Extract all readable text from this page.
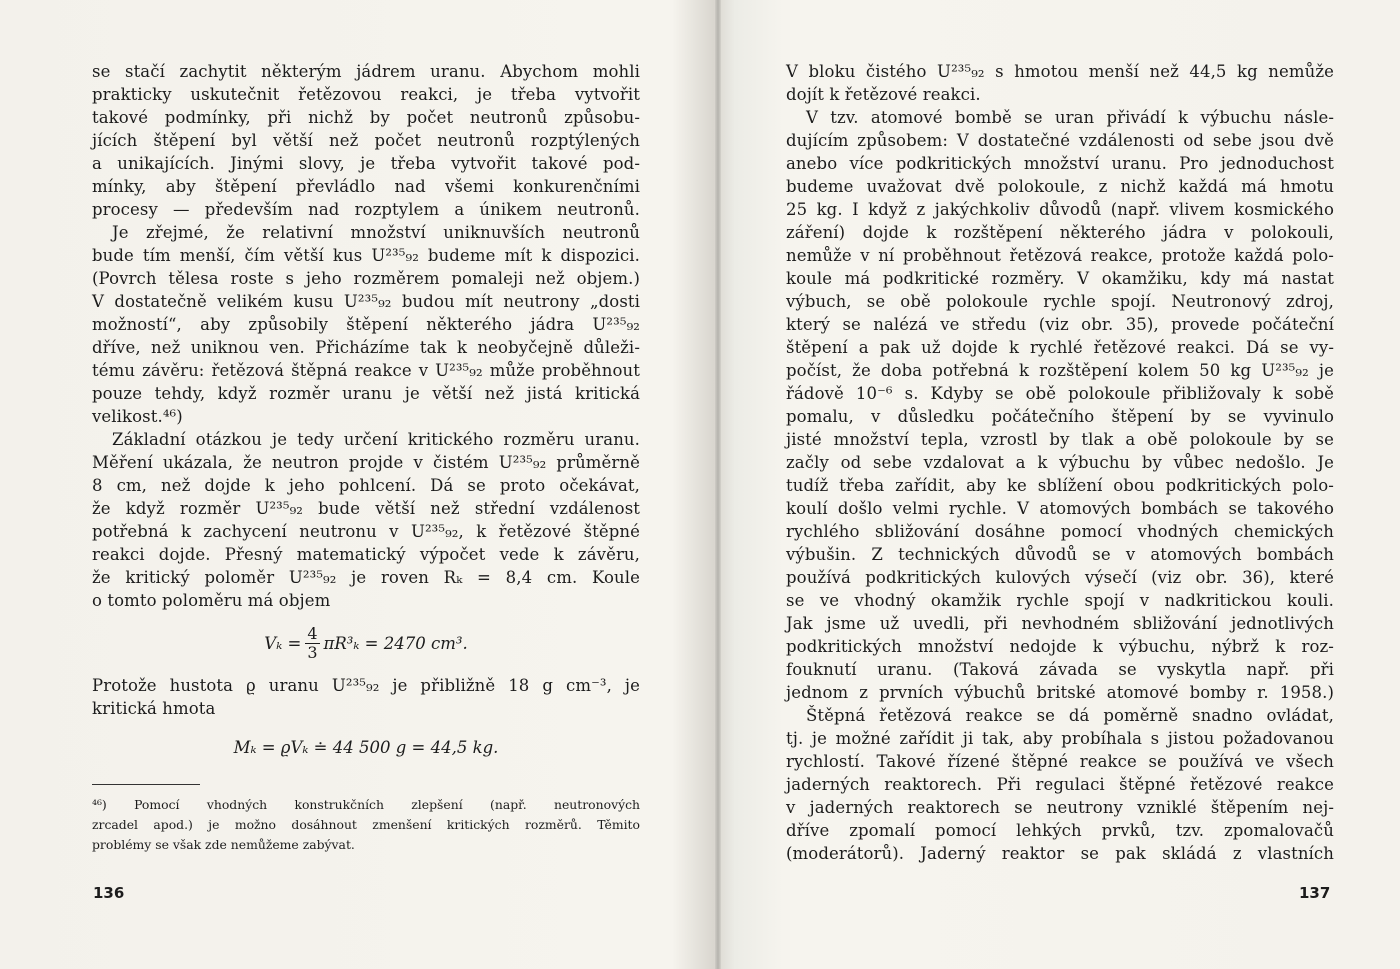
se stačí zachytit některým jádrem uranu. Abychom mohli
prakticky uskutečnit řetězovou reakci, je třeba vytvořit
takové podmínky, při nichž by počet neutronů způsobu-
jících štěpení byl větší než počet neutronů rozptýlených
a unikajících. Jinými slovy, je třeba vytvořit takové pod-
mínky, aby štěpení převládlo nad všemi konkurenčními
procesy — především nad rozptylem a únikem neutronů.
Je zřejmé, že relativní množství uniknuvších neutronů
bude tím menší, čím větší kus U²³⁵₉₂ budeme mít k dispozici.
(Povrch tělesa roste s jeho rozměrem pomaleji než objem.)
V dostatečně velikém kusu U²³⁵₉₂ budou mít neutrony „dosti
možností“, aby způsobily štěpení některého jádra U²³⁵₉₂
dříve, než uniknou ven. Přicházíme tak k neobyčejně důleži-
tému závěru: řetězová štěpná reakce v U²³⁵₉₂ může proběhnout
pouze tehdy, když rozměr uranu je větší než jistá kritická
velikost.⁴⁶)
Základní otázkou je tedy určení kritického rozměru uranu.
Měření ukázala, že neutron projde v čistém U²³⁵₉₂ průměrně
8 cm, než dojde k jeho pohlcení. Dá se proto očekávat,
že když rozměr U²³⁵₉₂ bude větší než střední vzdálenost
potřebná k zachycení neutronu v U²³⁵₉₂, k řetězové štěpné
reakci dojde. Přesný matematický výpočet vede k závěru,
že kritický poloměr U²³⁵₉₂ je roven Rₖ = 8,4 cm. Koule
o tomto poloměru má objem
$V_k = \frac{4}{3} \pi R^3_k = 2470$ cm³.
Protože hustota ϱ uranu U²³⁵₉₂ je přibližně 18 g cm⁻³, je
kritická hmota
Mₖ = ϱVₖ ≐ 44 500 g = 44,5 kg.
⁴⁶) Pomocí vhodných konstrukčních zlepšení (např. neutronových
zrcadel apod.) je možno dosáhnout zmenšení kritických rozměrů. Těmito
problémy se však zde nemůžeme zabývat.
136
V bloku čistého U²³⁵₉₂ s hmotou menší než 44,5 kg nemůže
dojít k řetězové reakci.
V tzv. atomové bombě se uran přivádí k výbuchu násle-
dujícím způsobem: V dostatečné vzdálenosti od sebe jsou dvě
anebo více podkritických množství uranu. Pro jednoduchost
budeme uvažovat dvě polokoule, z nichž každá má hmotu
25 kg. I když z jakýchkoliv důvodů (např. vlivem kosmického
záření) dojde k rozštěpení některého jádra v polokouli,
nemůže v ní proběhnout řetězová reakce, protože každá polo-
koule má podkritické rozměry. V okamžiku, kdy má nastat
výbuch, se obě polokoule rychle spojí. Neutronový zdroj,
který se nalézá ve středu (viz obr. 35), provede počáteční
štěpení a pak už dojde k rychlé řetězové reakci. Dá se vy-
počíst, že doba potřebná k rozštěpení kolem 50 kg U²³⁵₉₂ je
řádově 10⁻⁶ s. Kdyby se obě polokoule přibližovaly k sobě
pomalu, v důsledku počátečního štěpení by se vyvinulo
jisté množství tepla, vzrostl by tlak a obě polokoule by se
začly od sebe vzdalovat a k výbuchu by vůbec nedošlo. Je
tudíž třeba zařídit, aby ke sblížení obou podkritických polo-
koulí došlo velmi rychle. V atomových bombách se takového
rychlého sbližování dosáhne pomocí vhodných chemických
výbušin. Z technických důvodů se v atomových bombách
používá podkritických kulových výsečí (viz obr. 36), které
se ve vhodný okamžik rychle spojí v nadkritickou kouli.
Jak jsme už uvedli, při nevhodném sbližování jednotlivých
podkritických množství nedojde k výbuchu, nýbrž k roz-
fouknutí uranu. (Taková závada se vyskytla např. při
jednom z prvních výbuchů britské atomové bomby r. 1958.)
Štěpná řetězová reakce se dá poměrně snadno ovládat,
tj. je možné zařídit ji tak, aby probíhala s jistou požadovanou
rychlostí. Takové řízené štěpné reakce se používá ve všech
jaderných reaktorech. Při regulaci štěpné řetězové reakce
v jaderných reaktorech se neutrony vzniklé štěpením nej-
dříve zpomalí pomocí lehkých prvků, tzv. zpomalovačů
(moderátorů). Jaderný reaktor se pak skládá z vlastních
137
